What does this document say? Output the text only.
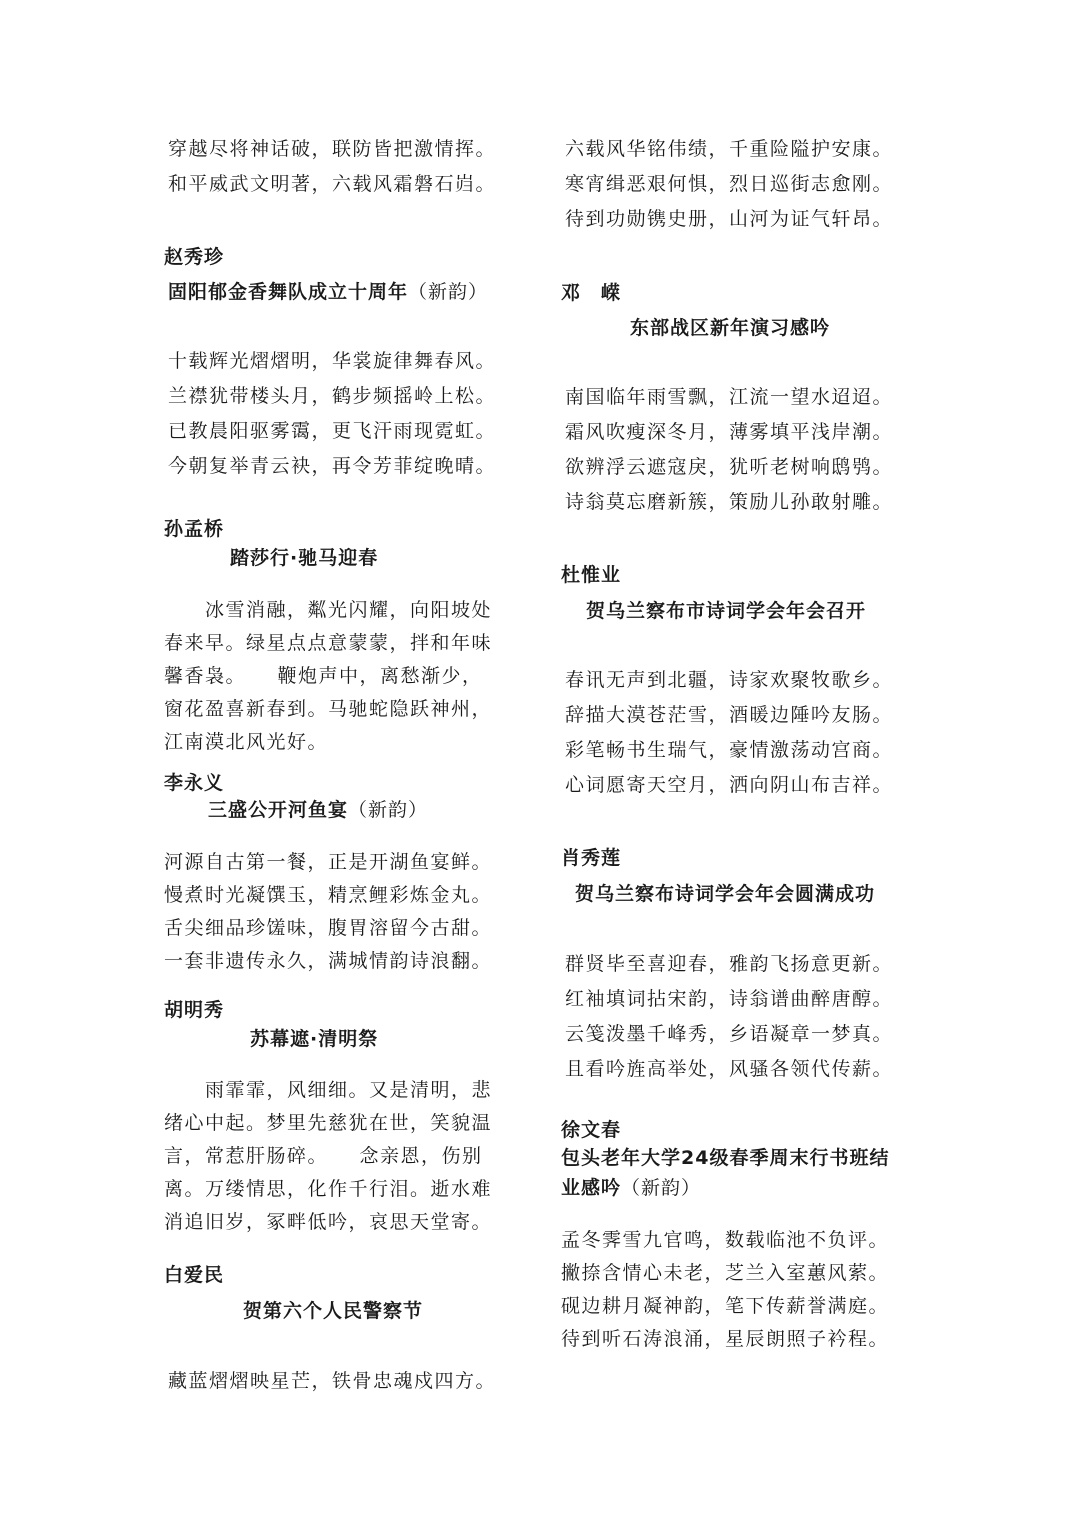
穿越尽将神话破，联防皆把激情挥。
和平威武文明著，六载风霜磐石岿。
赵秀珍
固阳郁金香舞队成立十周年（新韵）
十载辉光熠熠明，华裳旋律舞春风。
兰襟犹带楼头月，鹤步频摇岭上松。
已教晨阳驱雾霭，更飞汗雨现霓虹。
今朝复举青云袂，再令芳菲绽晚晴。
孙孟桥
踏莎行·驰马迎春
　　冰雪消融，粼光闪耀，向阳坡处
春来早。绿星点点意蒙蒙，拌和年味
馨香袅。　　鞭炮声中，离愁渐少，
窗花盈喜新春到。马驰蛇隐跃神州，
江南漠北风光好。
李永义
三盛公开河鱼宴（新韵）
河源自古第一餐，正是开湖鱼宴鲜。
慢煮时光凝馔玉，精烹鲤彩炼金丸。
舌尖细品珍馐味，腹胃溶留今古甜。
一套非遗传永久，满城情韵诗浪翻。
胡明秀
苏幕遮·清明祭
　　雨霏霏，风细细。又是清明，悲
绪心中起。梦里先慈犹在世，笑貌温
言，常惹肝肠碎。　　念亲恩，伤别
离。万缕情思，化作千行泪。逝水难
消追旧岁，冢畔低吟，哀思天堂寄。
白爱民
贺第六个人民警察节
藏蓝熠熠映星芒，铁骨忠魂戍四方。
六载风华铭伟绩，千重险隘护安康。
寒宵缉恶艰何惧，烈日巡街志愈刚。
待到功勋镌史册，山河为证气轩昂。
邓　嵘
东部战区新年演习感吟
南国临年雨雪飘，江流一望水迢迢。
霜风吹瘦深冬月，薄雾填平浅岸潮。
欲辨浮云遮寇戾，犹听老树响鸱鸮。
诗翁莫忘磨新簇，策励儿孙敢射雕。
杜惟业
贺乌兰察布市诗词学会年会召开
春讯无声到北疆，诗家欢聚牧歌乡。
辞描大漠苍茫雪，酒暖边陲吟友肠。
彩笔畅书生瑞气，豪情激荡动宫商。
心词愿寄天空月，洒向阴山布吉祥。
肖秀莲
贺乌兰察布诗词学会年会圆满成功
群贤毕至喜迎春，雅韵飞扬意更新。
红袖填词拈宋韵，诗翁谱曲醉唐醇。
云笺泼墨千峰秀，乡语凝章一梦真。
且看吟旌高举处，风骚各领代传薪。
徐文春
包头老年大学24级春季周末行书班结
业感吟（新韵）
孟冬霁雪九官鸣，数载临池不负评。
撇捺含情心未老，芝兰入室蕙风萦。
砚边耕月凝神韵，笔下传薪誉满庭。
待到听石涛浪涌，星辰朗照子衿程。
